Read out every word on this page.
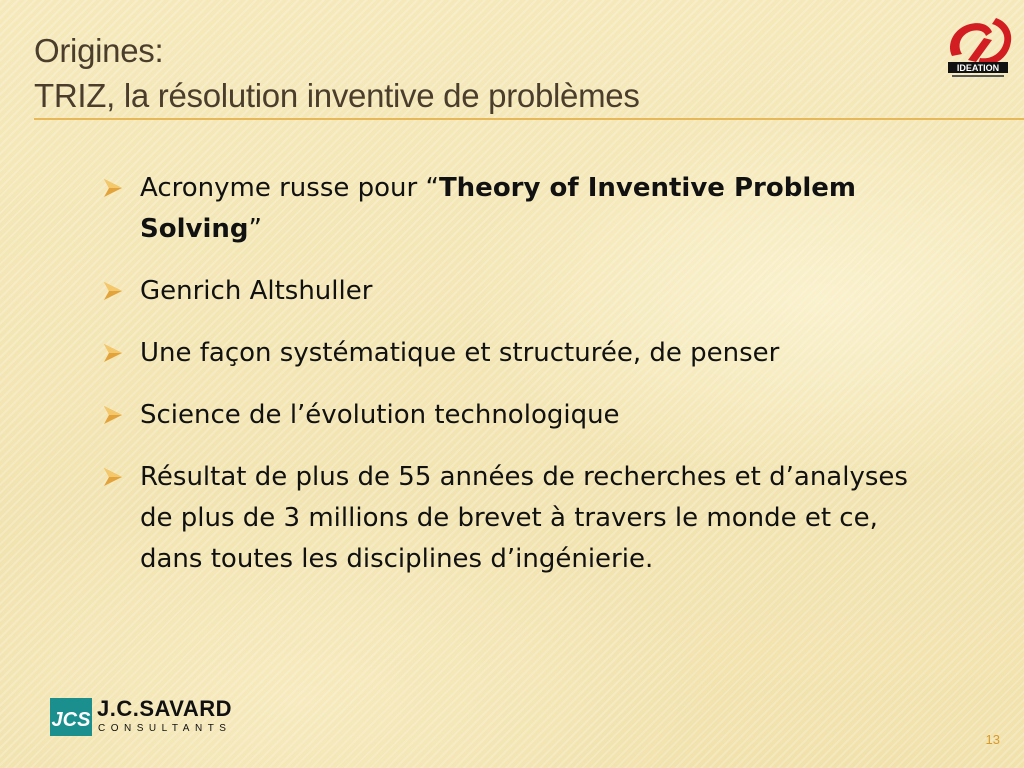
Origines:
TRIZ, la résolution inventive de problèmes
IDEATION
Acronyme russe pour “Theory of Inventive Problem Solving”
Genrich Altshuller
Une façon systématique et structurée, de penser
Science de l’évolution technologique
Résultat de plus de 55 années de recherches et d’analyses de plus de 3 millions de brevet à travers le monde et ce, dans toutes les disciplines d’ingénierie.
JCS J.C.SAVARD
CONSULTANTS
13
